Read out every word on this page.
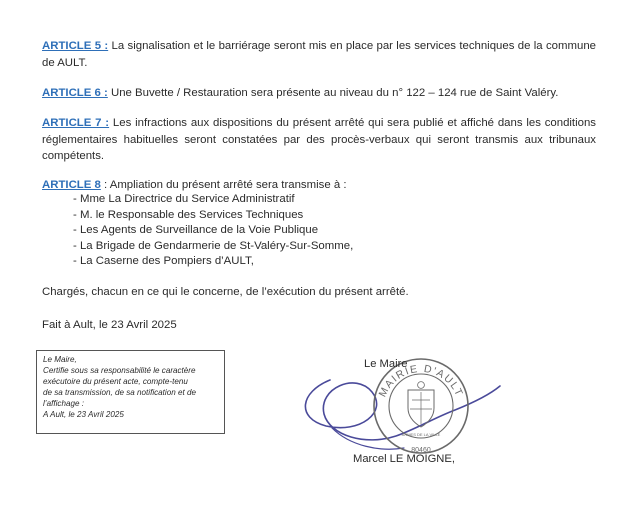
ARTICLE 5 : La signalisation et le barriérage seront mis en place par les services techniques de la commune de AULT.
ARTICLE 6 : Une Buvette / Restauration sera présente au niveau du n° 122 – 124 rue de Saint Valéry.
ARTICLE 7 : Les infractions aux dispositions du présent arrêté qui sera publié et affiché dans les conditions réglementaires habituelles seront constatées par des procès-verbaux qui seront transmis aux tribunaux compétents.
ARTICLE 8 : Ampliation du présent arrêté sera transmise à :
- Mme La Directrice du Service Administratif
- M. le Responsable des Services Techniques
- Les Agents de Surveillance de la Voie Publique
- La Brigade de Gendarmerie de St-Valéry-Sur-Somme,
- La Caserne des Pompiers d’AULT,
Chargés, chacun en ce qui le concerne, de l’exécution du présent arrêté.
Fait à Ault, le 23 Avril 2025
Le Maire,
Certifie sous sa responsabilité le caractère
exécutoire du présent acte, compte-tenu
de sa transmission, de sa notification et de
l’affichage :
A Ault, le 23 Avril 2025
MAIRIE D'AULT
ARMES DE LA VILLE
80460
Le Maire
Marcel LE MOIGNE,
